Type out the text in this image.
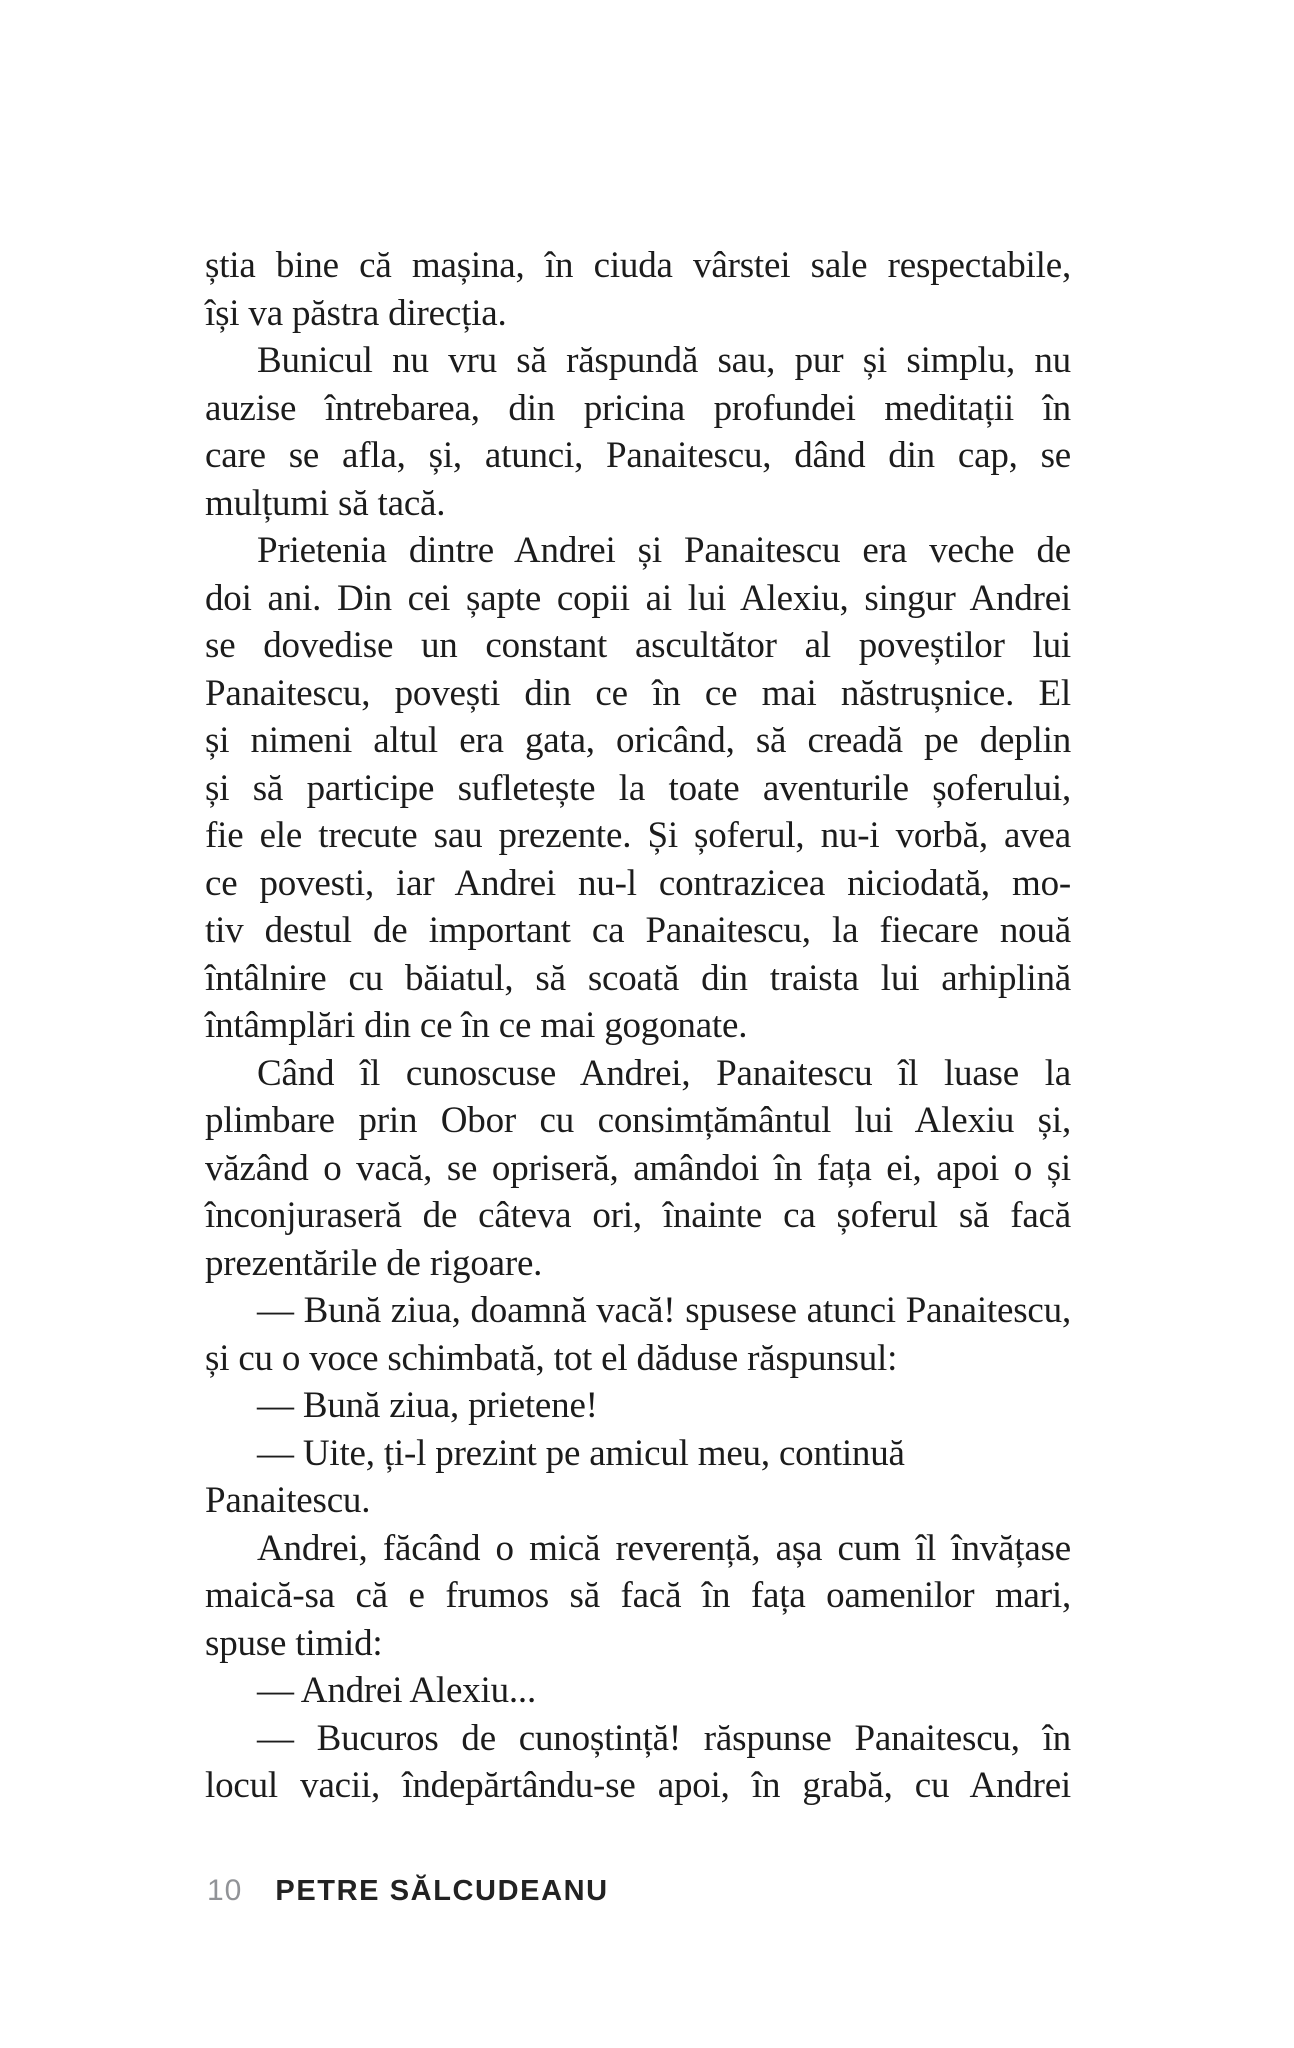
știa bine că mașina, în ciuda vârstei sale respectabile,
își va păstra direcția.
Bunicul nu vru să răspundă sau, pur și simplu, nu
auzise întrebarea, din pricina profundei meditații în
care se afla, și, atunci, Panaitescu, dând din cap, se
mulțumi să tacă.
Prietenia dintre Andrei și Panaitescu era veche de
doi ani. Din cei șapte copii ai lui Alexiu, singur Andrei
se dovedise un constant ascultător al poveștilor lui
Panaitescu, povești din ce în ce mai năstrușnice. El
și nimeni altul era gata, oricând, să creadă pe deplin
și să participe sufletește la toate aventurile șoferului,
fie ele trecute sau prezente. Și șoferul, nu-i vorbă, avea
ce povesti, iar Andrei nu-l contrazicea niciodată, mo-
tiv destul de important ca Panaitescu, la fiecare nouă
întâlnire cu băiatul, să scoată din traista lui arhiplină
întâmplări din ce în ce mai gogonate.
Când îl cunoscuse Andrei, Panaitescu îl luase la
plimbare prin Obor cu consimțământul lui Alexiu și,
văzând o vacă, se opriseră, amândoi în fața ei, apoi o și
înconjuraseră de câteva ori, înainte ca șoferul să facă
prezentările de rigoare.
— Bună ziua, doamnă vacă! spusese atunci Panaitescu,
și cu o voce schimbată, tot el dăduse răspunsul:
— Bună ziua, prietene!
— Uite, ți-l prezint pe amicul meu, continuă Panaitescu.
Andrei, făcând o mică reverență, așa cum îl învățase
maică-sa că e frumos să facă în fața oamenilor mari,
spuse timid:
— Andrei Alexiu...
— Bucuros de cunoștință! răspunse Panaitescu, în
locul vacii, îndepărtându-se apoi, în grabă, cu Andrei
10 PETRE SĂLCUDEANU
